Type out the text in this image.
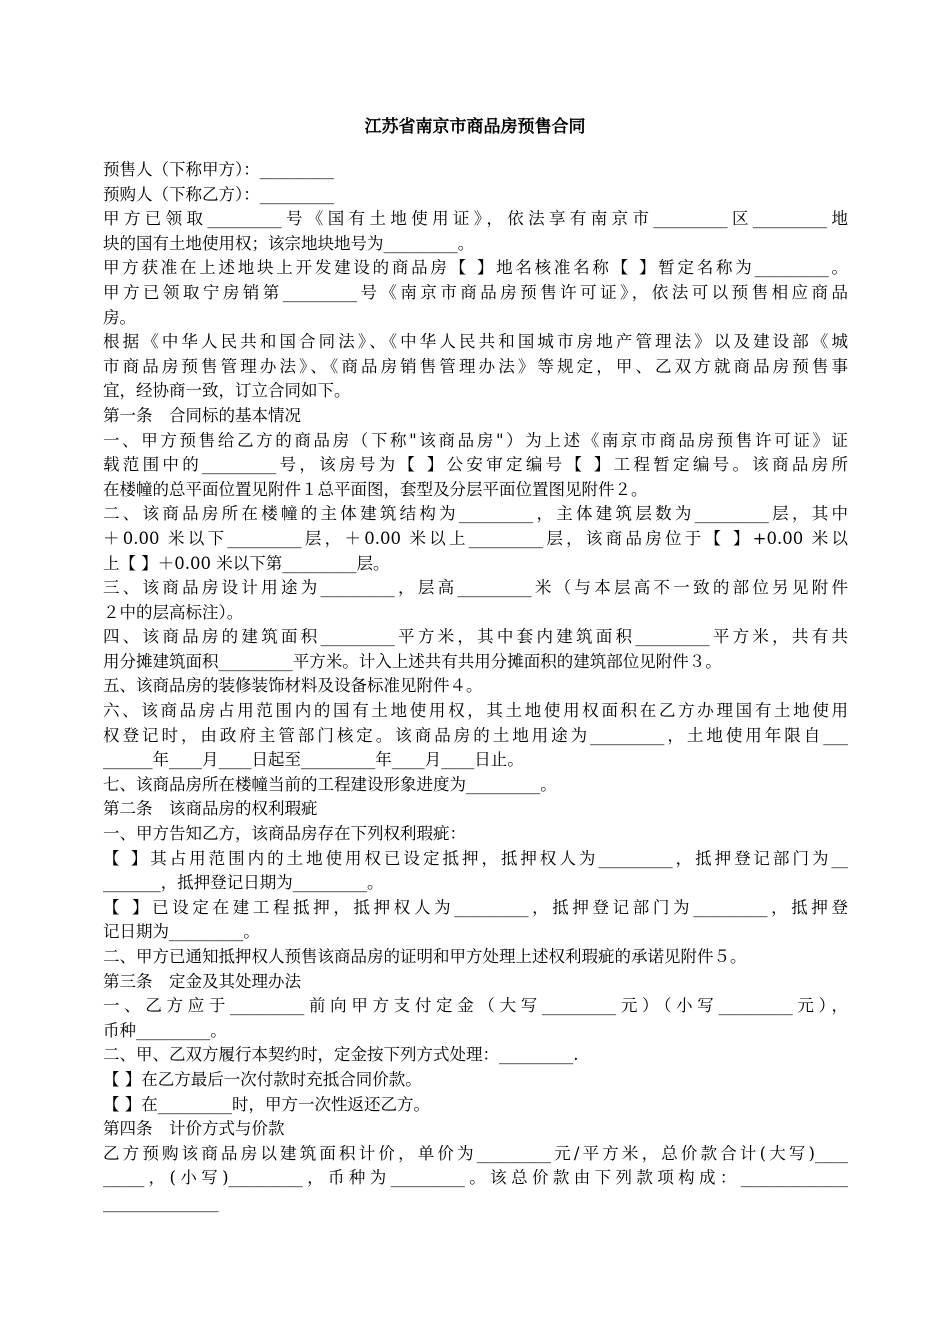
江苏省南京市商品房预售合同
预售人（下称甲方）：_________
预购人（下称乙方）：_________
甲方已领取_________号《国有土地使用证》，依法享有南京市_________区_________地
块的国有土地使用权；该宗地块地号为_________。
甲方获准在上述地块上开发建设的商品房【 】地名核准名称【 】暂定名称为_________。
甲方已领取宁房销第_________号《南京市商品房预售许可证》，依法可以预售相应商品
房。
根据《中华人民共和国合同法》、《中华人民共和国城市房地产管理法》以及建设部《城
市商品房预售管理办法》、《商品房销售管理办法》等规定，甲、乙双方就商品房预售事
宜，经协商一致，订立合同如下。
第一条　合同标的基本情况
一、甲方预售给乙方的商品房（下称"该商品房"）为上述《南京市商品房预售许可证》证
载范围中的_________号，该房号为【 】公安审定编号【 】工程暂定编号。该商品房所
在楼幢的总平面位置见附件１总平面图，套型及分层平面位置图见附件２。
二、该商品房所在楼幢的主体建筑结构为_________，主体建筑层数为_________层，其中
＋0.00 米以下_________层，＋0.00 米以上_________层，该商品房位于【 】+0.00 米以
上【 】＋0.00 米以下第_________层。
三、该商品房设计用途为_________，层高_________米（与本层高不一致的部位另见附件
２中的层高标注）。
四、该商品房的建筑面积_________平方米，其中套内建筑面积_________平方米，共有共
用分摊建筑面积_________平方米。计入上述共有共用分摊面积的建筑部位见附件３。
五、该商品房的装修装饰材料及设备标准见附件４。
六、该商品房占用范围内的国有土地使用权，其土地使用权面积在乙方办理国有土地使用
权登记时，由政府主管部门核定。该商品房的土地用途为_________，土地使用年限自___
______年____月____日起至_________年____月____日止。
七、该商品房所在楼幢当前的工程建设形象进度为_________。
第二条　该商品房的权利瑕疵
一、甲方告知乙方，该商品房存在下列权利瑕疵：
【 】其占用范围内的土地使用权已设定抵押，抵押权人为_________，抵押登记部门为__
_______，抵押登记日期为_________。
【 】已设定在建工程抵押，抵押权人为_________，抵押登记部门为_________，抵押登
记日期为_________。
二、甲方已通知抵押权人预售该商品房的证明和甲方处理上述权利瑕疵的承诺见附件５。
第三条　定金及其处理办法
一、乙方应于_________前向甲方支付定金（大写_________元）（小写_________元），
币种_________。
二、甲、乙双方履行本契约时，定金按下列方式处理：_________.
【 】在乙方最后一次付款时充抵合同价款。
【 】在_________时，甲方一次性返还乙方。
第四条　计价方式与价款
乙方预购该商品房以建筑面积计价，单价为_________元/平方米，总价款合计(大写)____
_____，(小写)_________，币种为_________。该总价款由下列款项构成：_____________
______________
